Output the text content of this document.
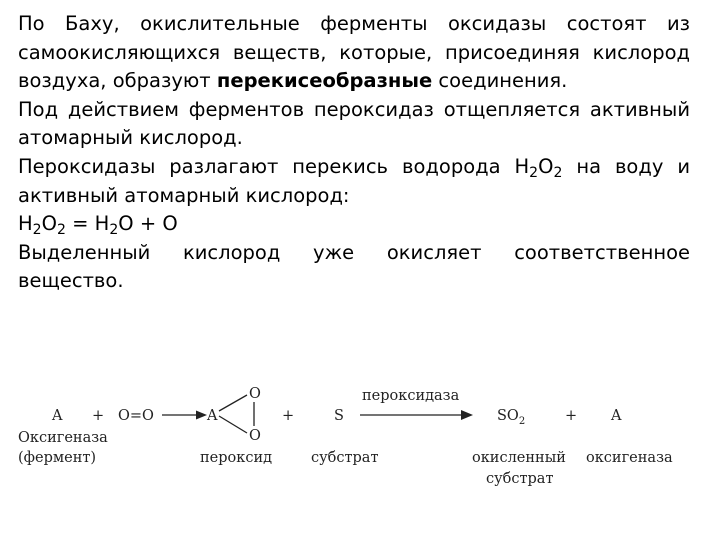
По Баху, окислительные ферменты оксидазы состоят из самоокисляющихся веществ, которые, присоединяя кислород воздуха, образуют перекисеобразные соединения.

Под действием ферментов пероксидаз отщепляется активный атомарный кислород.

Пероксидазы разлагают перекись водорода $H_2O_2$ на воду и активный атомарный кислород:

$H_2O_2 = H_2O + O$

Выделенный кислород уже окисляет соответственное вещество.

A + O=O	A
O
O
+	S
пероксидаза
$SO_2$	+ A
Оксигеназа
(фермент)	пероксид	субстрат	окисленный
субстрат
оксигеназа
